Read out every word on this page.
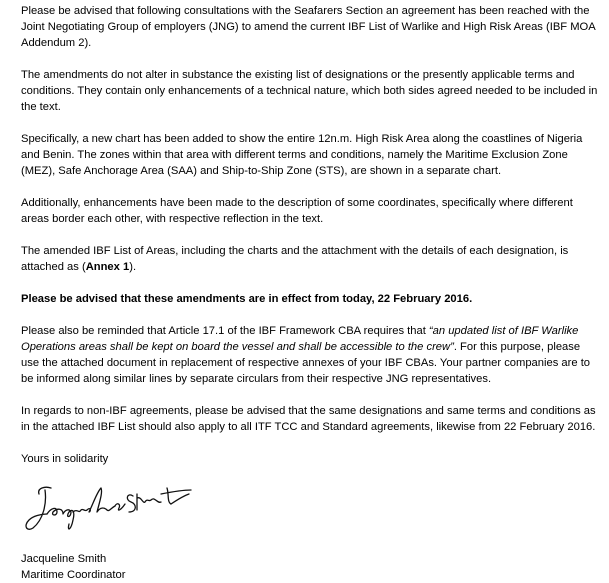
Please be advised that following consultations with the Seafarers Section an agreement has been reached with the Joint Negotiating Group of employers (JNG) to amend the current IBF List of Warlike and High Risk Areas (IBF MOA Addendum 2).

The amendments do not alter in substance the existing list of designations or the presently applicable terms and conditions. They contain only enhancements of a technical nature, which both sides agreed needed to be included in the text.

Specifically, a new chart has been added to show the entire 12n.m. High Risk Area along the coastlines of Nigeria and Benin. The zones within that area with different terms and conditions, namely the Maritime Exclusion Zone (MEZ), Safe Anchorage Area (SAA) and Ship-to-Ship Zone (STS), are shown in a separate chart.

Additionally, enhancements have been made to the description of some coordinates, specifically where different areas border each other, with respective reflection in the text.

The amended IBF List of Areas, including the charts and the attachment with the details of each designation, is attached as (Annex 1).

Please be advised that these amendments are in effect from today, 22 February 2016.

Please also be reminded that Article 17.1 of the IBF Framework CBA requires that “an updated list of IBF Warlike Operations areas shall be kept on board the vessel and shall be accessible to the crew”. For this purpose, please use the attached document in replacement of respective annexes of your IBF CBAs. Your partner companies are to be informed along similar lines by separate circulars from their respective JNG representatives.

In regards to non-IBF agreements, please be advised that the same designations and same terms and conditions as in the attached IBF List should also apply to all ITF TCC and Standard agreements, likewise from 22 February 2016.

Yours in solidarity

Jacqueline Smith
Maritime Coordinator
